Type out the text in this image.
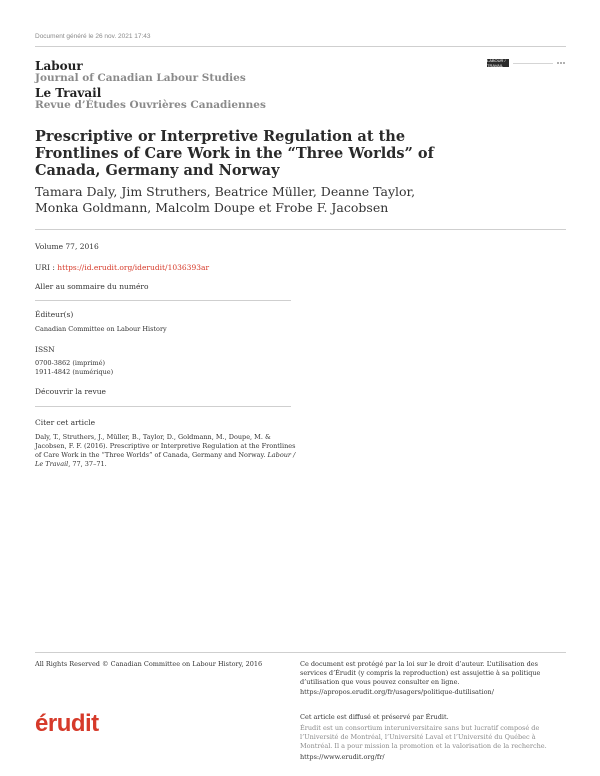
Document généré le 26 nov. 2021 17:43
Labour
Journal of Canadian Labour Studies
Le Travail
Revue d’Études Ouvrières Canadiennes
LABOUR / TRAVAIL
Prescriptive or Interpretive Regulation at the Frontlines of Care Work in the “Three Worlds” of Canada, Germany and Norway
Tamara Daly, Jim Struthers, Beatrice Müller, Deanne Taylor, Monka Goldmann, Malcolm Doupe et Frobe F. Jacobsen
Volume 77, 2016
URI : https://id.erudit.org/iderudit/1036393ar
Aller au sommaire du numéro
Éditeur(s)
Canadian Committee on Labour History
ISSN
0700-3862 (imprimé)
1911-4842 (numérique)
Découvrir la revue
Citer cet article
Daly, T., Struthers, J., Müller, B., Taylor, D., Goldmann, M., Doupe, M. & Jacobsen, F. F. (2016). Prescriptive or Interpretive Regulation at the Frontlines of Care Work in the “Three Worlds” of Canada, Germany and Norway. Labour / Le Travail, 77, 37–71.
All Rights Reserved © Canadian Committee on Labour History, 2016	Ce document est protégé par la loi sur le droit d’auteur. L’utilisation des services d’Érudit (y compris la reproduction) est assujettie à sa politique d’utilisation que vous pouvez consulter en ligne.
https://apropos.erudit.org/fr/usagers/politique-dutilisation/
érudit	Cet article est diffusé et préservé par Érudit.
Érudit est un consortium interuniversitaire sans but lucratif composé de l’Université de Montréal, l’Université Laval et l’Université du Québec à Montréal. Il a pour mission la promotion et la valorisation de la recherche.
https://www.erudit.org/fr/
